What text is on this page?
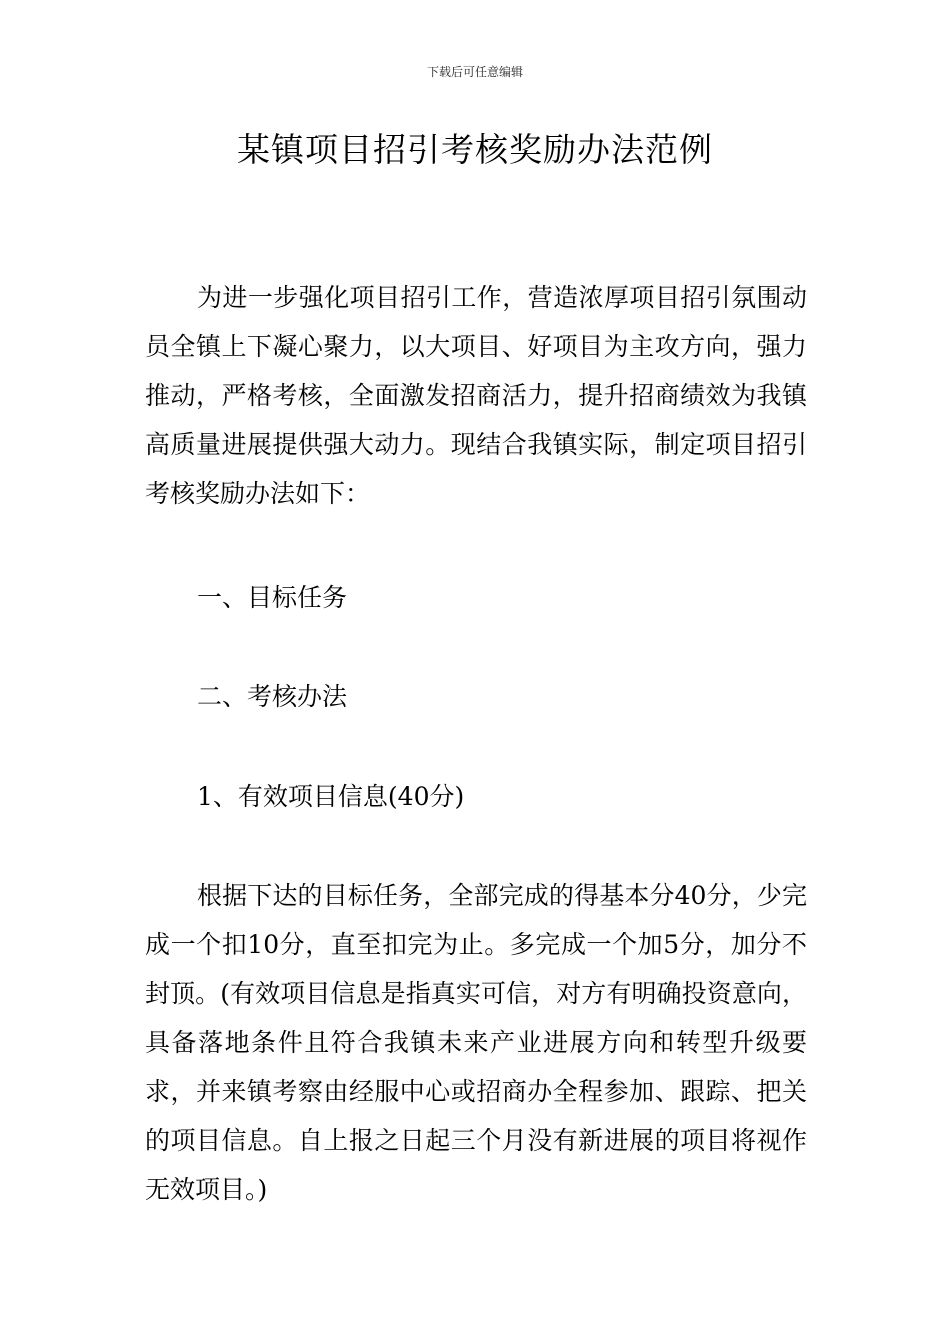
下载后可任意编辑
某镇项目招引考核奖励办法范例

为进一步强化项目招引工作，营造浓厚项目招引氛围动员全镇上下凝心聚力，以大项目、好项目为主攻方向，强力推动，严格考核，全面激发招商活力，提升招商绩效为我镇高质量进展提供强大动力。现结合我镇实际，制定项目招引考核奖励办法如下：

一、目标任务

二、考核办法

1、有效项目信息(40分)

根据下达的目标任务，全部完成的得基本分40分，少完成一个扣10分，直至扣完为止。多完成一个加5分，加分不封顶。(有效项目信息是指真实可信，对方有明确投资意向，具备落地条件且符合我镇未来产业进展方向和转型升级要求，并来镇考察由经服中心或招商办全程参加、跟踪、把关的项目信息。自上报之日起三个月没有新进展的项目将视作无效项目。)
